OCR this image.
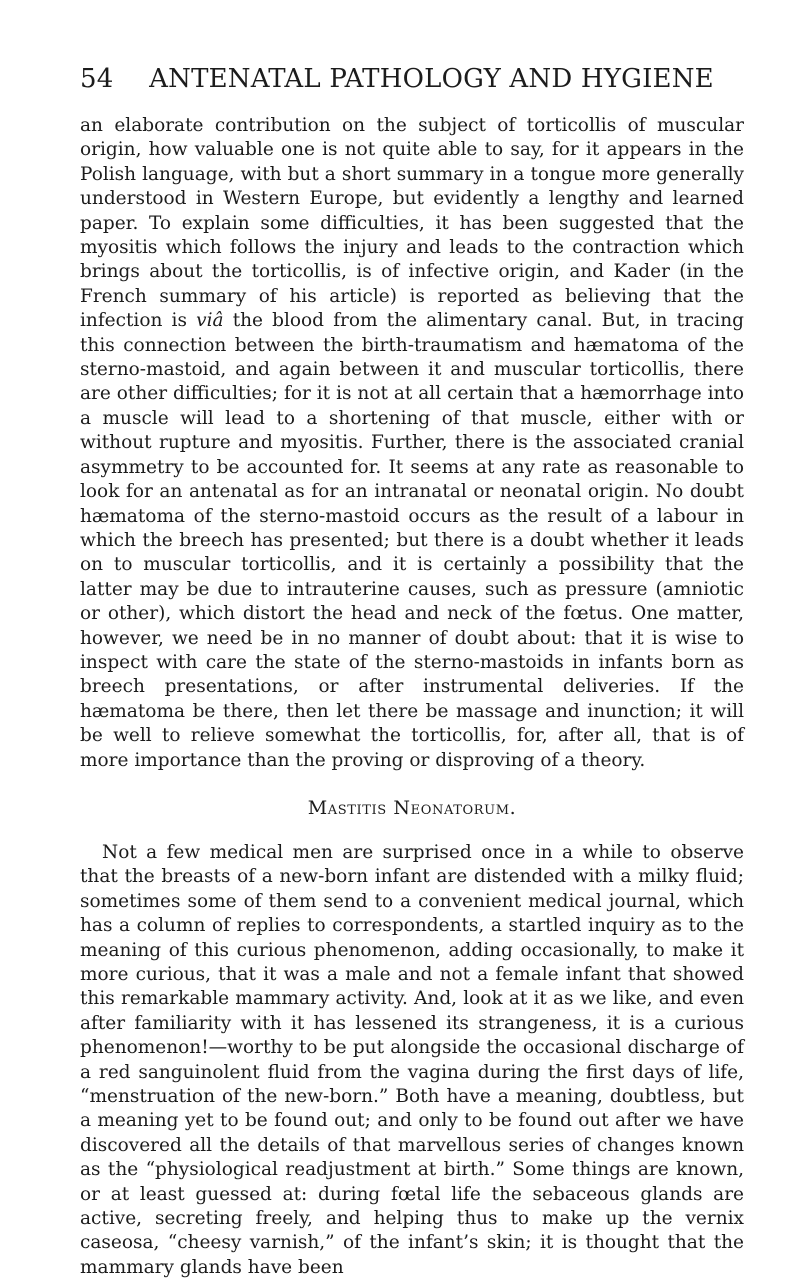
54	ANTENATAL PATHOLOGY AND HYGIENE

an elaborate contribution on the subject of torticollis of muscular origin, how valuable one is not quite able to say, for it appears in the Polish language, with but a short summary in a tongue more generally understood in Western Europe, but evidently a lengthy and learned paper. To explain some difficulties, it has been suggested that the myositis which follows the injury and leads to the contraction which brings about the torticollis, is of infective origin, and Kader (in the French summary of his article) is reported as believing that the infection is viâ the blood from the alimentary canal. But, in tracing this connection between the birth-traumatism and hæmatoma of the sterno-mastoid, and again between it and muscular torticollis, there are other difficulties; for it is not at all certain that a hæmorrhage into a muscle will lead to a shortening of that muscle, either with or without rupture and myositis. Further, there is the associated cranial asymmetry to be accounted for. It seems at any rate as reasonable to look for an antenatal as for an intranatal or neonatal origin. No doubt hæmatoma of the sterno-mastoid occurs as the result of a labour in which the breech has presented; but there is a doubt whether it leads on to muscular torticollis, and it is certainly a possibility that the latter may be due to intrauterine causes, such as pressure (amniotic or other), which distort the head and neck of the fœtus. One matter, however, we need be in no manner of doubt about: that it is wise to inspect with care the state of the sterno-mastoids in infants born as breech presentations, or after instrumental deliveries. If the hæmatoma be there, then let there be massage and inunction; it will be well to relieve somewhat the torticollis, for, after all, that is of more importance than the proving or disproving of a theory.

Mastitis Neonatorum.

Not a few medical men are surprised once in a while to observe that the breasts of a new-born infant are distended with a milky fluid; sometimes some of them send to a convenient medical journal, which has a column of replies to correspondents, a startled inquiry as to the meaning of this curious phenomenon, adding occasionally, to make it more curious, that it was a male and not a female infant that showed this remarkable mammary activity. And, look at it as we like, and even after familiarity with it has lessened its strangeness, it is a curious phenomenon!—worthy to be put alongside the occasional discharge of a red sanguinolent fluid from the vagina during the first days of life, “menstruation of the new-born.” Both have a meaning, doubtless, but a meaning yet to be found out; and only to be found out after we have discovered all the details of that marvellous series of changes known as the “physiological readjustment at birth.” Some things are known, or at least guessed at: during fœtal life the sebaceous glands are active, secreting freely, and helping thus to make up the vernix caseosa, “cheesy varnish,” of the infant’s skin; it is thought that the mammary glands have been
